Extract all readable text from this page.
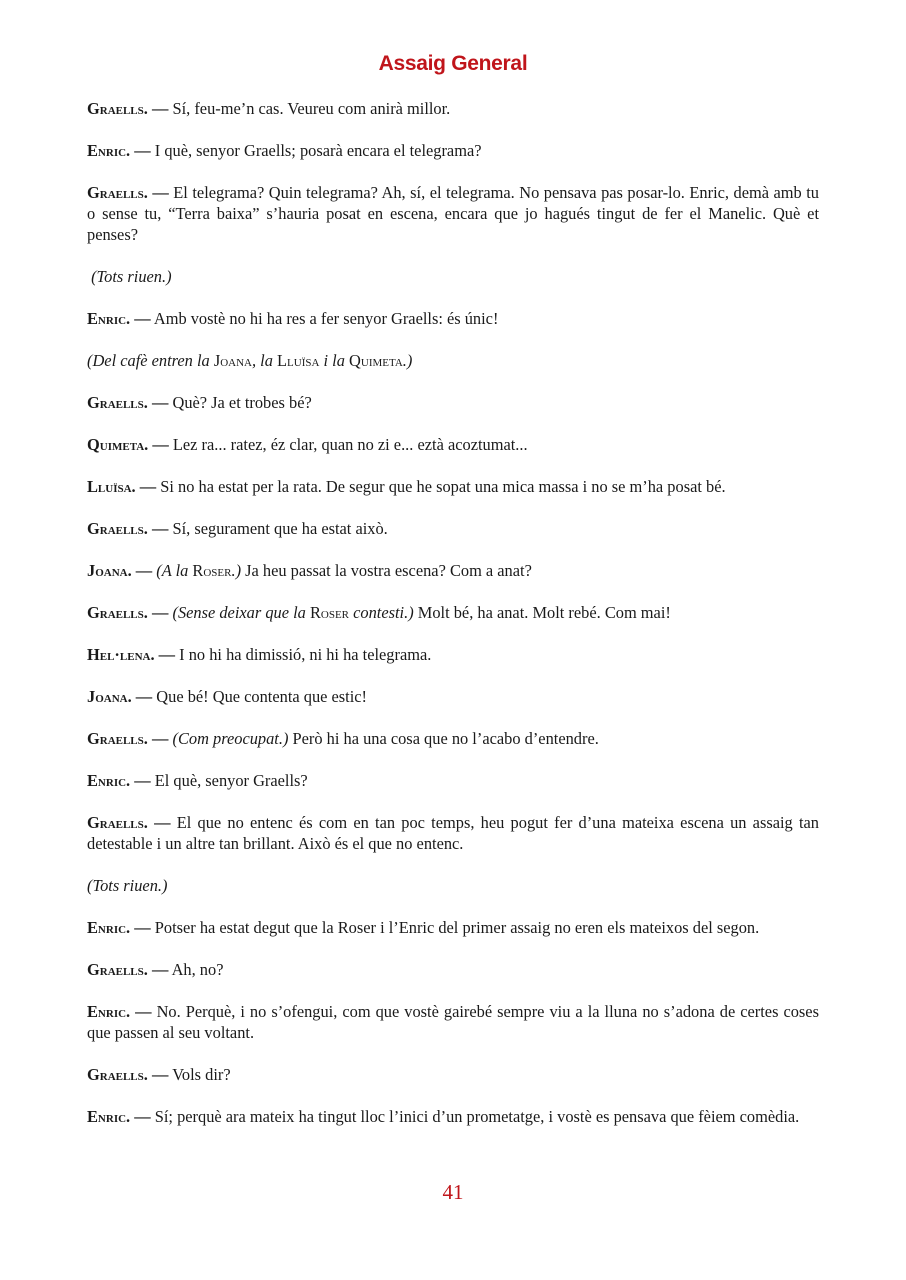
Assaig General

Graells. — Sí, feu-me’n cas. Veureu com anirà millor.

Enric. — I què, senyor Graells; posarà encara el telegrama?

Graells. — El telegrama? Quin telegrama? Ah, sí, el telegrama. No pensava pas posar-lo. Enric, demà amb tu o sense tu, “Terra baixa” s’hauria posat en escena, encara que jo hagués tingut de fer el Manelic. Què et penses?

(Tots riuen.)

Enric. — Amb vostè no hi ha res a fer senyor Graells: és únic!

(Del cafè entren la Joana, la Lluïsa i la Quimeta.)

Graells. — Què? Ja et trobes bé?

Quimeta. — Lez ra... ratez, éz clar, quan no zi e... eztà acoztumat...

Lluïsa. — Si no ha estat per la rata. De segur que he sopat una mica massa i no se m’ha posat bé.

Graells. — Sí, segurament que ha estat això.

Joana. — (A la Roser.) Ja heu passat la vostra escena? Com a anat?

Graells. — (Sense deixar que la Roser contesti.) Molt bé, ha anat. Molt rebé. Com mai!

Hel·lena. — I no hi ha dimissió, ni hi ha telegrama.

Joana. — Que bé! Que contenta que estic!

Graells. — (Com preocupat.) Però hi ha una cosa que no l’acabo d’entendre.

Enric. — El què, senyor Graells?

Graells. — El que no entenc és com en tan poc temps, heu pogut fer d’una mateixa escena un assaig tan detestable i un altre tan brillant. Això és el que no entenc.

(Tots riuen.)

Enric. — Potser ha estat degut que la Roser i l’Enric del primer assaig no eren els mateixos del segon.

Graells. — Ah, no?

Enric. — No. Perquè, i no s’ofengui, com que vostè gairebé sempre viu a la lluna no s’adona de certes coses que passen al seu voltant.

Graells. — Vols dir?

Enric. — Sí; perquè ara mateix ha tingut lloc l’inici d’un prometatge, i vostè es pensava que fèiem comèdia.

41
